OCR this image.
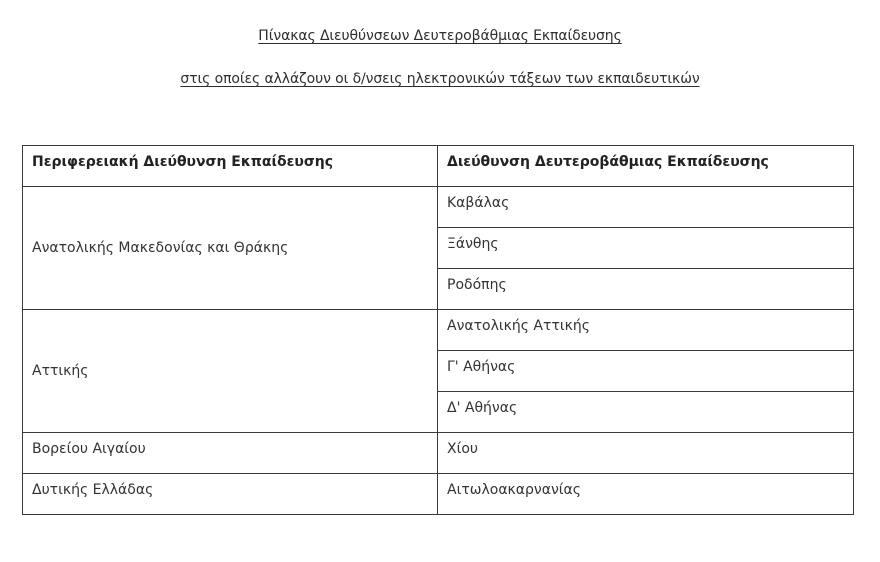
Πίνακας Διευθύνσεων Δευτεροβάθμιας Εκπαίδευσης
στις οποίες αλλάζουν οι δ/νσεις ηλεκτρονικών τάξεων των εκπαιδευτικών
Περιφερειακή Διεύθυνση Εκπαίδευσης	Διεύθυνση Δευτεροβάθμιας Εκπαίδευσης
Ανατολικής Μακεδονίας και Θράκης	Καβάλας
	Ξάνθης
	Ροδόπης
Αττικής	Ανατολικής Αττικής
	Γ' Αθήνας
	Δ' Αθήνας
Βορείου Αιγαίου	Χίου
Δυτικής Ελλάδας	Αιτωλοακαρνανίας
